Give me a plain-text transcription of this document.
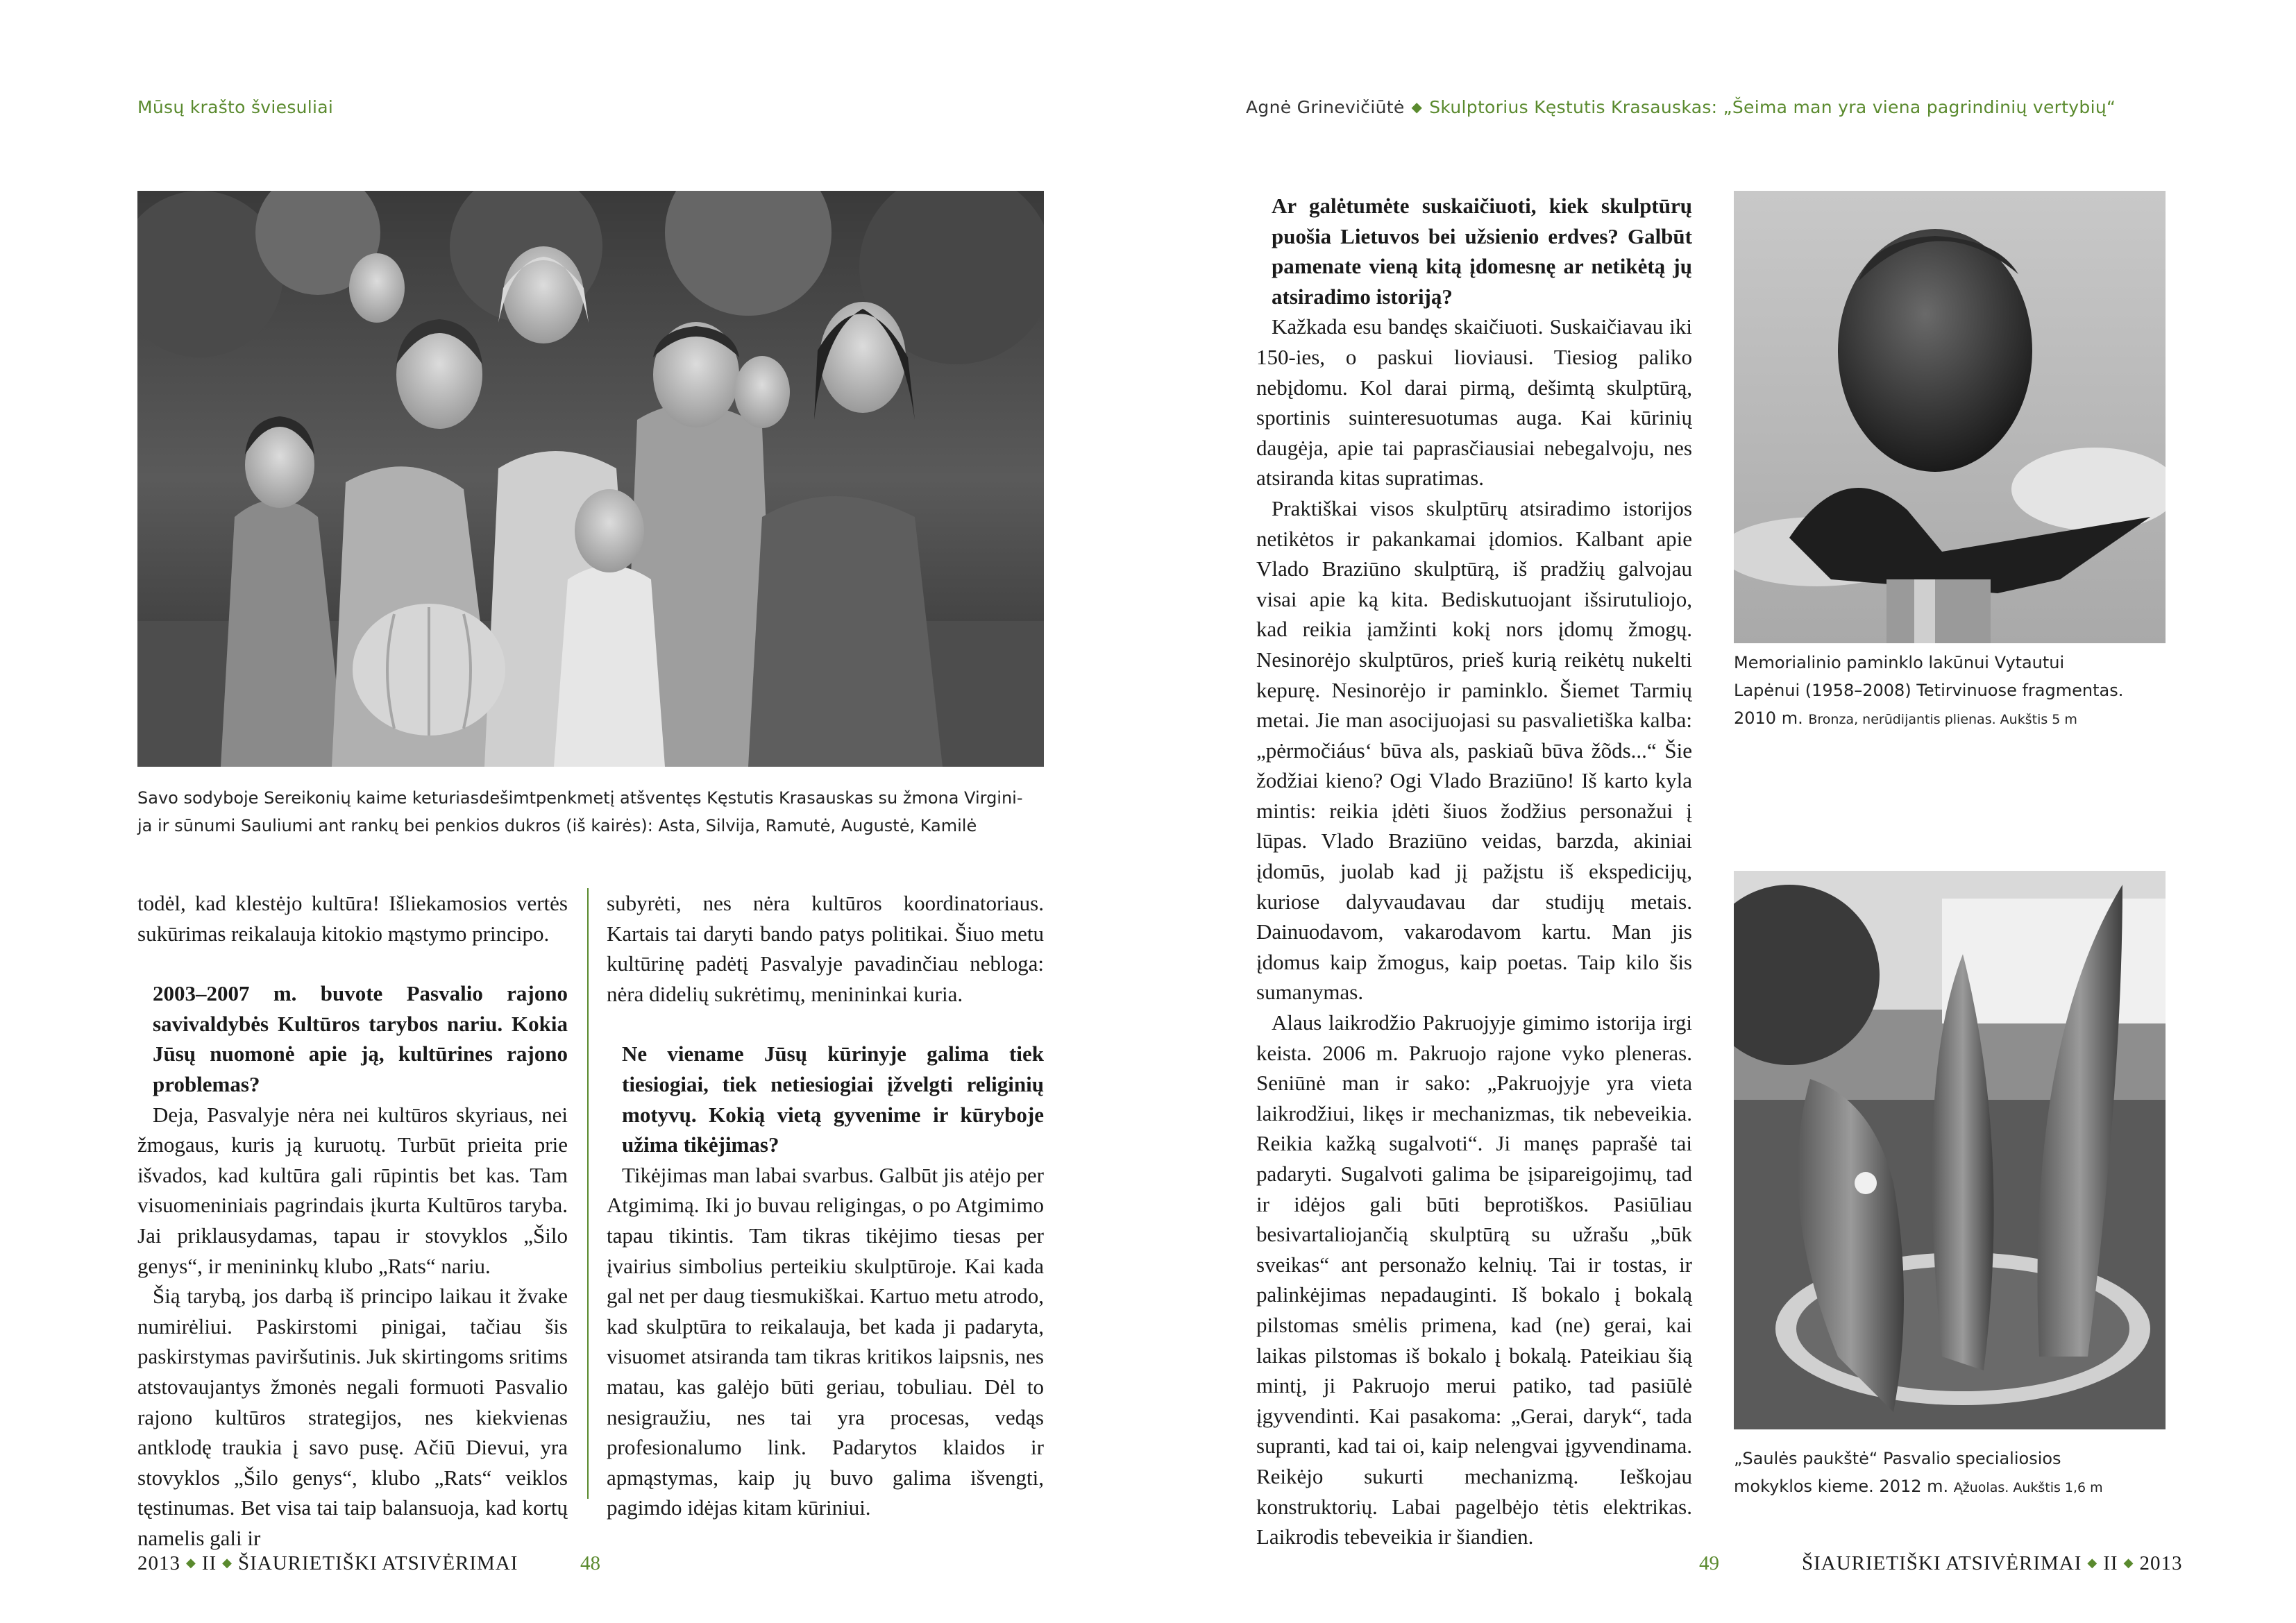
Mūsų krašto šviesuliai	Agnė Grinevičiūtė ◆ Skulptorius Kęstutis Krasauskas: „Šeima man yra viena pagrindinių vertybių“
Savo sodyboje Sereikonių kaime keturiasdešimtpenkmetį atšventęs Kęstutis Krasauskas su žmona Virgini-
ja ir sūnumi Sauliumi ant rankų bei penkios dukros (iš kairės): Asta, Silvija, Ramutė, Augustė, Kamilė

todėl, kad klestėjo kultūra! Išliekamosios vertės sukūrimas reikalauja kitokio mąstymo principo.

2003–2007 m. buvote Pasvalio rajono savivaldybės Kultūros tarybos nariu. Kokia Jūsų nuomonė apie ją, kultūrines rajono problemas?

Deja, Pasvalyje nėra nei kultūros skyriaus, nei žmogaus, kuris ją kuruotų. Turbūt prieita prie išvados, kad kultūra gali rūpintis bet kas. Tam visuomeniniais pagrindais įkurta Kultūros taryba. Jai priklausydamas, tapau ir stovyklos „Šilo genys“, ir menininkų klubo „Rats“ nariu.

Šią tarybą, jos darbą iš principo laikau it žvake numirėliui. Paskirstomi pinigai, tačiau šis paskirstymas paviršutinis. Juk skirtingoms sritims atstovaujantys žmonės negali formuoti Pasvalio rajono kultūros strategijos, nes kiekvienas antklodę traukia į savo pusę. Ačiū Dievui, yra stovyklos „Šilo genys“, klubo „Rats“ veiklos tęstinumas. Bet visa tai taip balansuoja, kad kortų namelis gali ir

subyrėti, nes nėra kultūros koordinatoriaus. Kartais tai daryti bando patys politikai. Šiuo metu kultūrinę padėtį Pasvalyje pavadinčiau nebloga: nėra didelių sukrėtimų, menininkai kuria.

Ne viename Jūsų kūrinyje galima tiek tiesiogiai, tiek netiesiogiai įžvelgti religinių motyvų. Kokią vietą gyvenime ir kūryboje užima tikėjimas?

Tikėjimas man labai svarbus. Galbūt jis atėjo per Atgimimą. Iki jo buvau religingas, o po Atgimimo tapau tikintis. Tam tikras tikėjimo tiesas per įvairius simbolius perteikiu skulptūroje. Kai kada gal net per daug tiesmukiškai. Kartuo metu atrodo, kad skulptūra to reikalauja, bet kada ji padaryta, visuomet atsiranda tam tikras kritikos laipsnis, nes matau, kas galėjo būti geriau, tobuliau. Dėl to nesigraužiu, nes tai yra procesas, vedąs profesionalumo link. Padarytos klaidos ir apmąstymas, kaip jų buvo galima išvengti, pagimdo idėjas kitam kūriniui.

Ar galėtumėte suskaičiuoti, kiek skulptūrų puošia Lietuvos bei užsienio erdves? Galbūt pamenate vieną kitą įdomesnę ar netikėtą jų atsiradimo istoriją?

Kažkada esu bandęs skaičiuoti. Suskaičiavau iki 150-ies, o paskui lioviausi. Tiesiog paliko nebįdomu. Kol darai pirmą, dešimtą skulptūrą, sportinis suinteresuotumas auga. Kai kūrinių daugėja, apie tai paprasčiausiai nebegalvoju, nes atsiranda kitas supratimas.

Praktiškai visos skulptūrų atsiradimo istorijos netikėtos ir pakankamai įdomios. Kalbant apie Vlado Braziūno skulptūrą, iš pradžių galvojau visai apie ką kita. Bediskutuojant išsirutuliojo, kad reikia įamžinti kokį nors įdomų žmogų. Nesinorėjo skulptūros, prieš kurią reikėtų nukelti kepurę. Nesinorėjo ir paminklo. Šiemet Tarmių metai. Jie man asocijuojasi su pasvalietiška kalba: „pėrmočiáus‘ būva als, paskiaũ būva žõds...“ Šie žodžiai kieno? Ogi Vlado Braziūno! Iš karto kyla mintis: reikia įdėti šiuos žodžius personažui į lūpas. Vlado Braziūno veidas, barzda, akiniai įdomūs, juolab kad jį pažįstu iš ekspedicijų, kuriose dalyvaudavau dar studijų metais. Dainuodavom, vakarodavom kartu. Man jis įdomus kaip žmogus, kaip poetas. Taip kilo šis sumanymas.

Alaus laikrodžio Pakruojyje gimimo istorija irgi keista. 2006 m. Pakruojo rajone vyko pleneras. Seniūnė man ir sako: „Pakruojyje yra vieta laikrodžiui, likęs ir mechanizmas, tik nebeveikia. Reikia kažką sugalvoti“. Ji manęs paprašė tai padaryti. Sugalvoti galima be įsipareigojimų, tad ir idėjos gali būti beprotiškos. Pasiūliau besivartaliojančią skulptūrą su užrašu „būk sveikas“ ant personažo kelnių. Tai ir tostas, ir palinkėjimas nepadauginti. Iš bokalo į bokalą pilstomas smėlis primena, kad (ne) gerai, kai laikas pilstomas iš bokalo į bokalą. Pateikiau šią mintį, ji Pakruojo merui patiko, tad pasiūlė įgyvendinti. Kai pasakoma: „Gerai, daryk“, tada supranti, kad tai oi, kaip nelengvai įgyvendinama. Reikėjo sukurti mechanizmą. Ieškojau konstruktorių. Labai pagelbėjo tėtis elektrikas. Laikrodis tebeveikia ir šiandien.

Memorialinio paminklo lakūnui Vytautui
Lapėnui (1958–2008) Tetirvinuose fragmentas.
2010 m. Bronza, nerūdijantis plienas. Aukštis 5 m
„Saulės paukštė“ Pasvalio specialiosios
mokyklos kieme. 2012 m. Ąžuolas. Aukštis 1,6 m
2013 ◆ II ◆ ŠIAURIETIŠKI ATSIVĖRIMAI	48	49	ŠIAURIETIŠKI ATSIVĖRIMAI ◆ II ◆ 2013
